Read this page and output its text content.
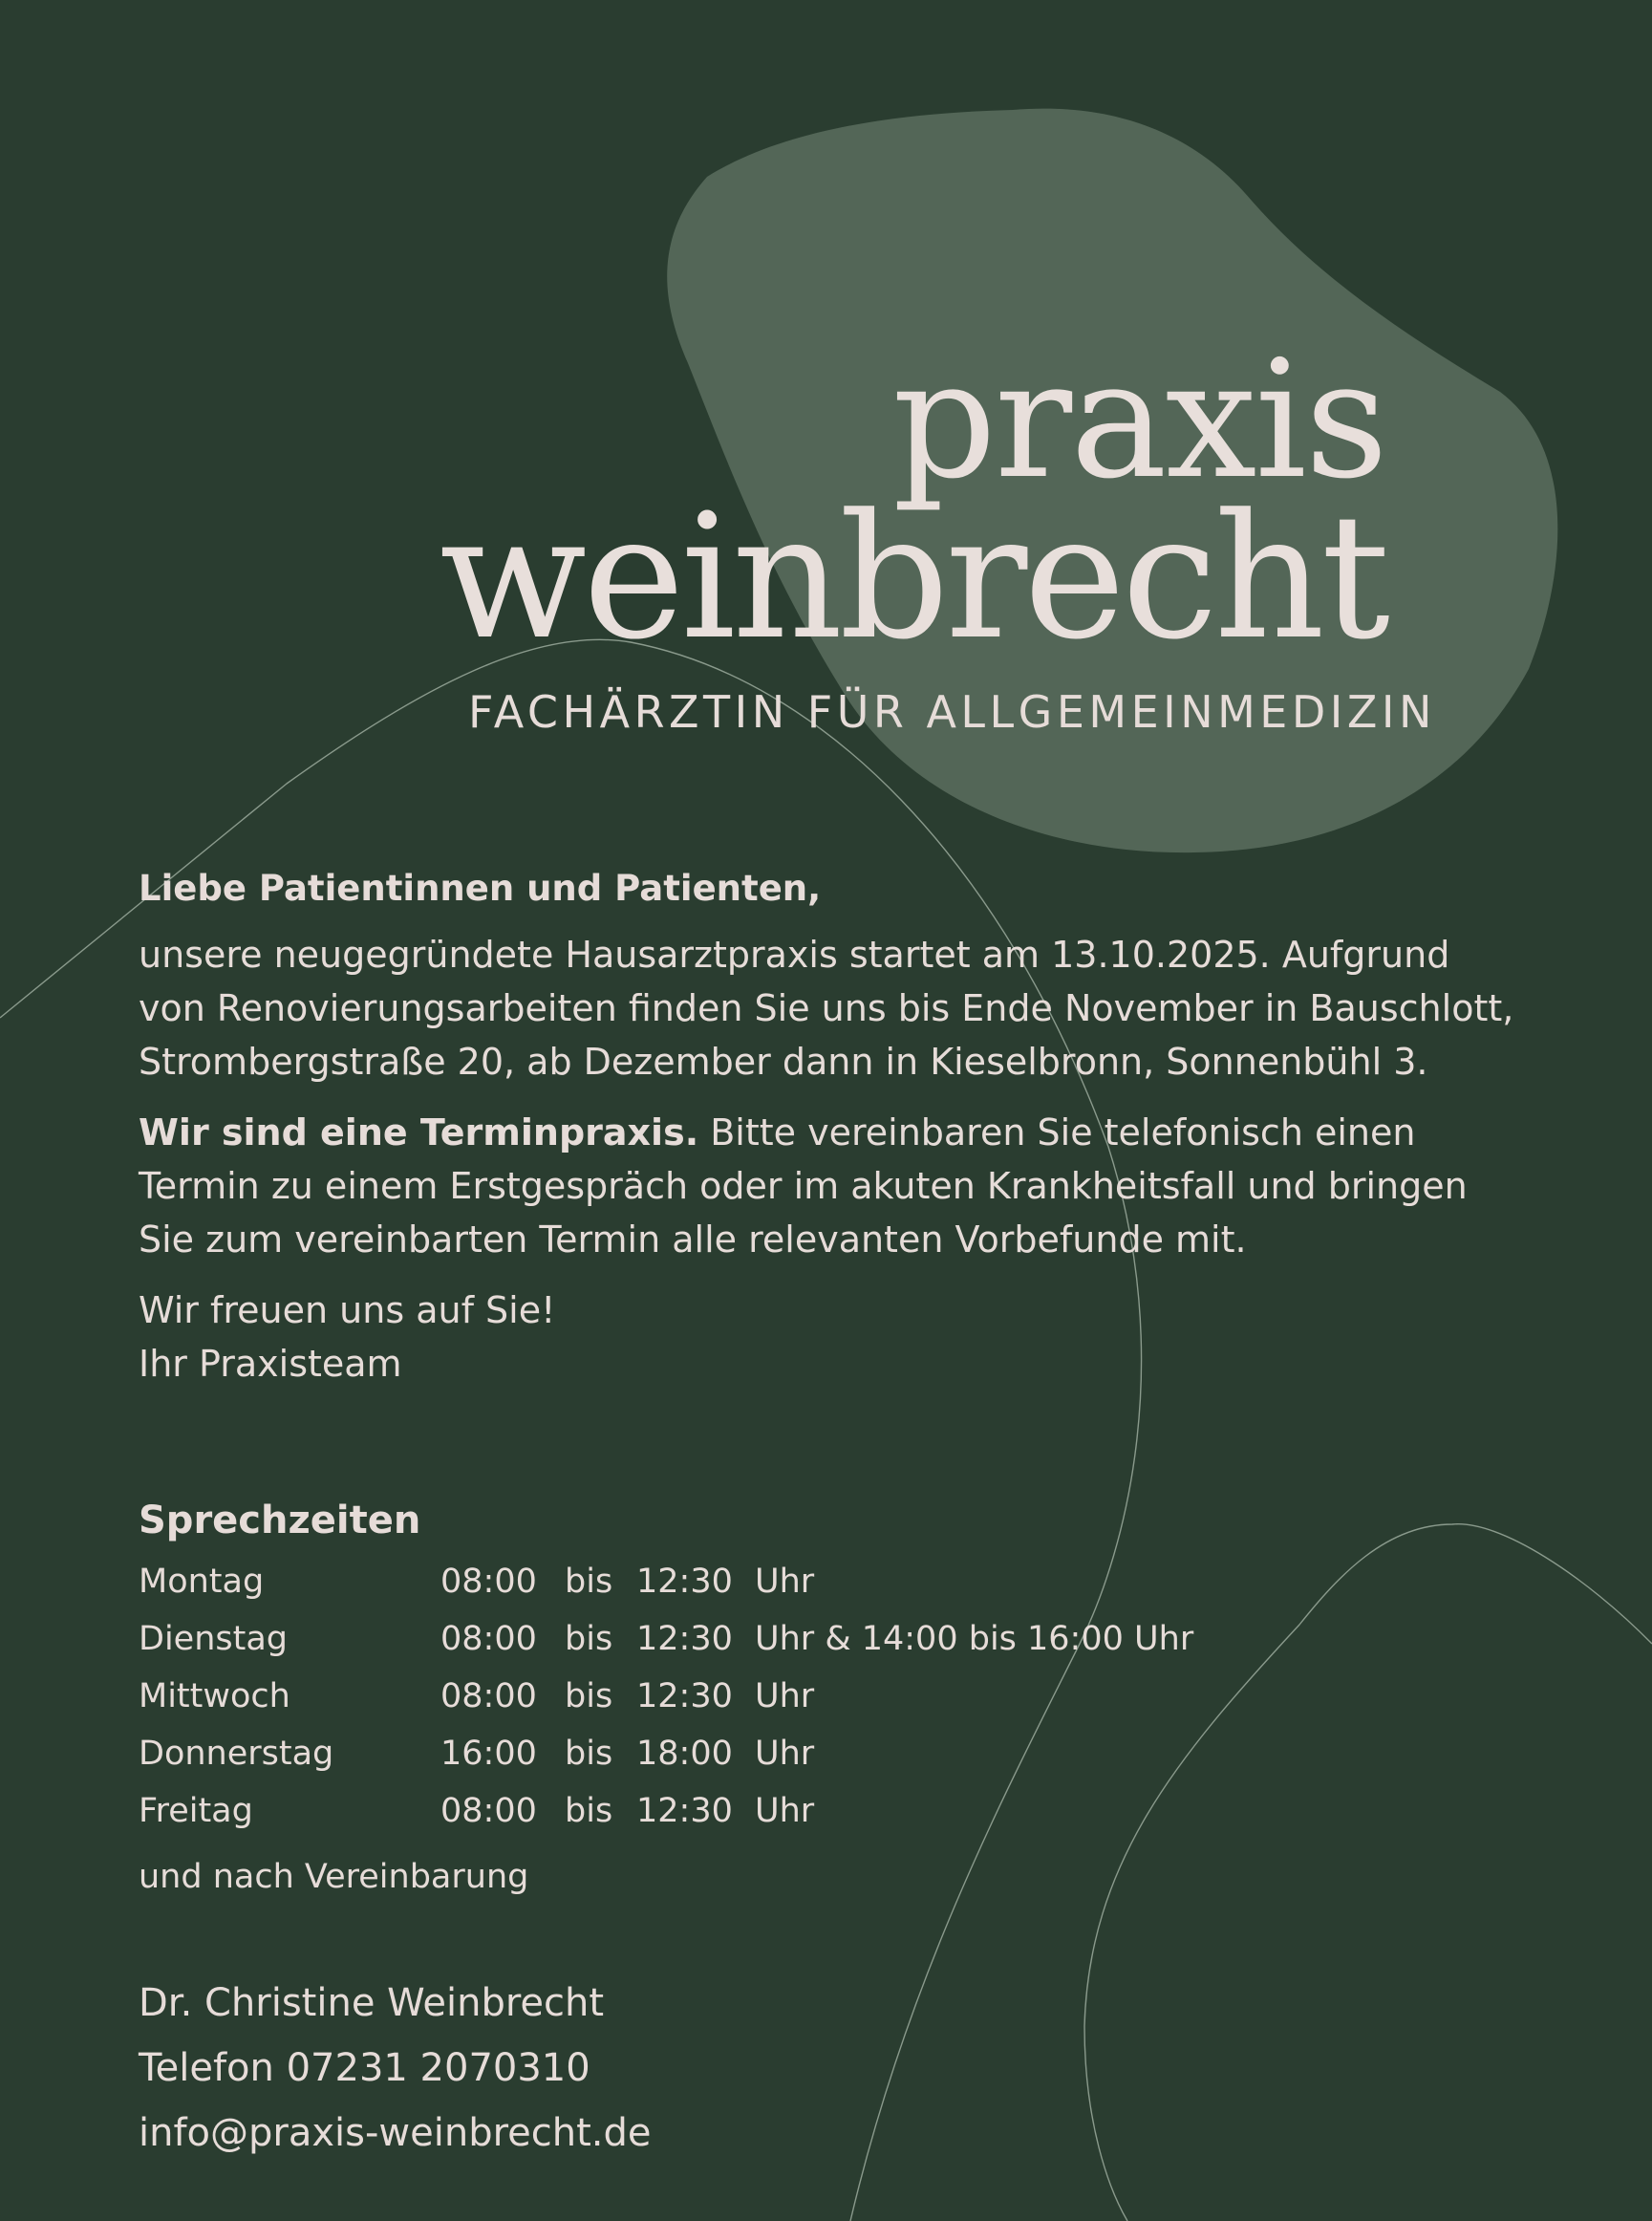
praxis
weinbrecht
FACHÄRZTIN FÜR ALLGEMEINMEDIZIN

Liebe Patientinnen und Patienten,

unsere neugegründete Hausarztpraxis startet am 13.10.2025. Aufgrund von Renovierungsarbeiten finden Sie uns bis Ende November in Bauschlott, Strombergstraße 20, ab Dezember dann in Kieselbronn, Sonnenbühl 3.

Wir sind eine Terminpraxis. Bitte vereinbaren Sie telefonisch einen Termin zu einem Erstgespräch oder im akuten Krankheitsfall und bringen Sie zum vereinbarten Termin alle relevanten Vorbefunde mit.

Wir freuen uns auf Sie!
Ihr Praxisteam

Sprechzeiten
Montag	08:00 bis 12:30 Uhr
Dienstag	08:00 bis 12:30 Uhr & 14:00 bis 16:00 Uhr
Mittwoch	08:00 bis 12:30 Uhr
Donnerstag	16:00 bis 18:00 Uhr
Freitag	08:00 bis 12:30 Uhr
und nach Vereinbarung
Dr. Christine Weinbrecht
Telefon 07231 2070310
info@praxis-weinbrecht.de
